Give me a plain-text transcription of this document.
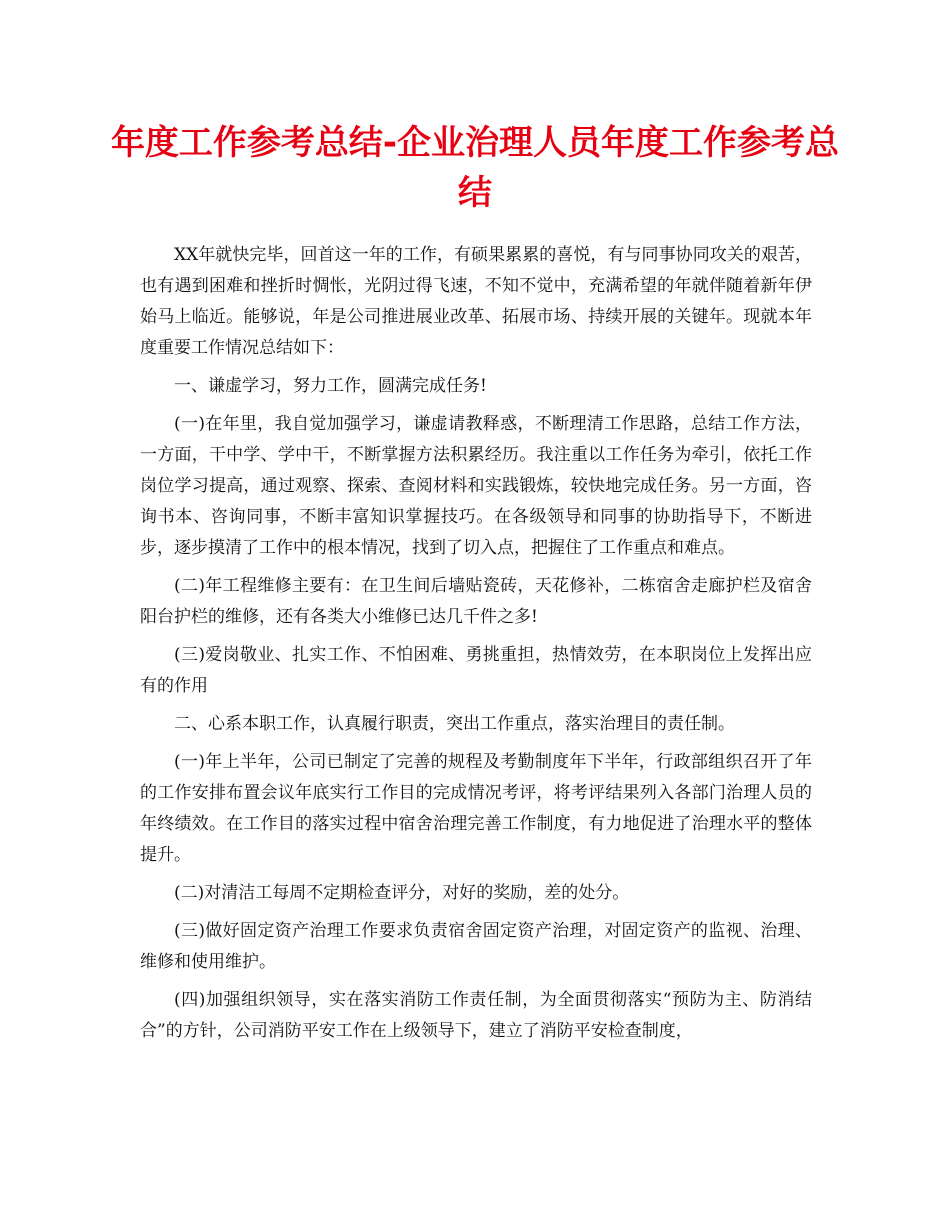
年度工作参考总结-企业治理人员年度工作参考总结

XX年就快完毕，回首这一年的工作，有硕果累累的喜悦，有与同事协同攻关的艰苦，也有遇到困难和挫折时惆怅，光阴过得飞速，不知不觉中，充满希望的年就伴随着新年伊始马上临近。能够说，年是公司推进展业改革、拓展市场、持续开展的关键年。现就本年度重要工作情况总结如下：

一、谦虚学习，努力工作，圆满完成任务!

(一)在年里，我自觉加强学习，谦虚请教释惑，不断理清工作思路，总结工作方法，一方面，干中学、学中干，不断掌握方法积累经历。我注重以工作任务为牵引，依托工作岗位学习提高，通过观察、探索、查阅材料和实践锻炼，较快地完成任务。另一方面，咨询书本、咨询同事，不断丰富知识掌握技巧。在各级领导和同事的协助指导下，不断进步，逐步摸清了工作中的根本情况，找到了切入点，把握住了工作重点和难点。

(二)年工程维修主要有：在卫生间后墙贴瓷砖，天花修补，二栋宿舍走廊护栏及宿舍阳台护栏的维修，还有各类大小维修已达几千件之多!

(三)爱岗敬业、扎实工作、不怕困难、勇挑重担，热情效劳，在本职岗位上发挥出应有的作用

二、心系本职工作，认真履行职责，突出工作重点，落实治理目的责任制。

(一)年上半年，公司已制定了完善的规程及考勤制度年下半年，行政部组织召开了年的工作安排布置会议年底实行工作目的完成情况考评，将考评结果列入各部门治理人员的年终绩效。在工作目的落实过程中宿舍治理完善工作制度，有力地促进了治理水平的整体提升。

(二)对清洁工每周不定期检查评分，对好的奖励，差的处分。

(三)做好固定资产治理工作要求负责宿舍固定资产治理，对固定资产的监视、治理、维修和使用维护。

(四)加强组织领导，实在落实消防工作责任制，为全面贯彻落实“预防为主、防消结合”的方针，公司消防平安工作在上级领导下，建立了消防平安检查制度，
